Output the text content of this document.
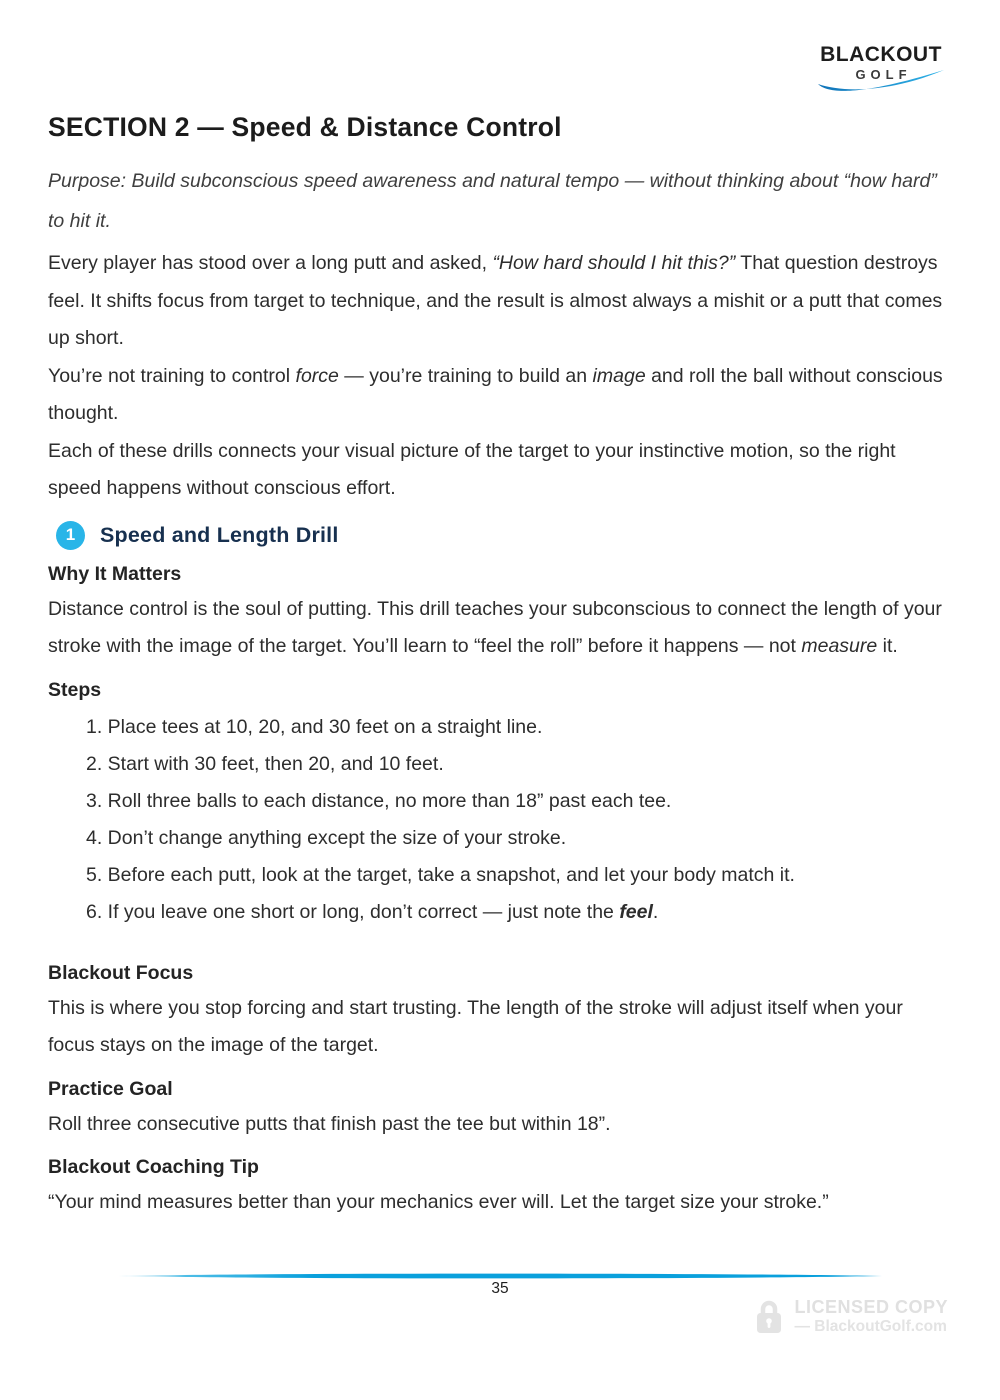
BLACKOUT
GOLF
SECTION 2 — Speed & Distance Control

Purpose: Build subconscious speed awareness and natural tempo — without thinking about “how hard” to hit it.

Every player has stood over a long putt and asked, “How hard should I hit this?” That question destroys feel. It shifts focus from target to technique, and the result is almost always a mishit or a putt that comes up short.

You’re not training to control force — you’re training to build an image and roll the ball without conscious thought.

Each of these drills connects your visual picture of the target to your instinctive motion, so the right speed happens without conscious effort.

1	Speed and Length Drill
Why It Matters

Distance control is the soul of putting. This drill teaches your subconscious to connect the length of your stroke with the image of the target. You’ll learn to “feel the roll” before it happens — not measure it.

Steps
1. Place tees at 10, 20, and 30 feet on a straight line.
2. Start with 30 feet, then 20, and 10 feet.
3. Roll three balls to each distance, no more than 18” past each tee.
4. Don’t change anything except the size of your stroke.
5. Before each putt, look at the target, take a snapshot, and let your body match it.
6. If you leave one short or long, don’t correct — just note the feel.
Blackout Focus

This is where you stop forcing and start trusting. The length of the stroke will adjust itself when your focus stays on the image of the target.

Practice Goal

Roll three consecutive putts that finish past the tee but within 18”.

Blackout Coaching Tip

“Your mind measures better than your mechanics ever will. Let the target size your stroke.”

35
LICENSED COPY
— BlackoutGolf.com
